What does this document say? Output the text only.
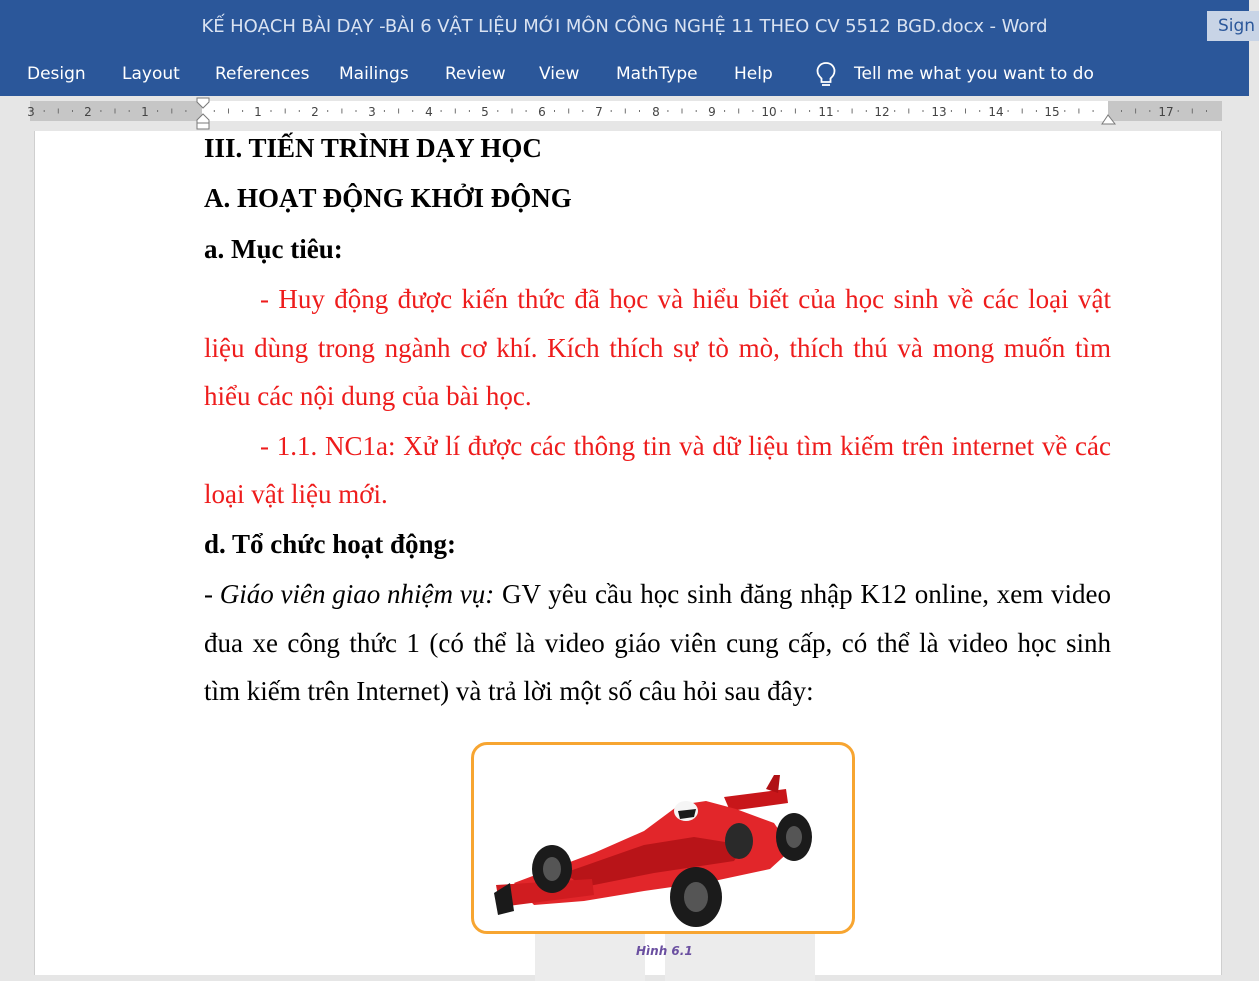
KẾ HOẠCH BÀI DẠY -BÀI 6 VẬT LIỆU MỚI MÔN CÔNG NGHỆ 11 THEO CV 5512 BGD.docx - Word	Sign
Design Layout References Mailings Review View MathType Help	Tell me what you want to do
3	2	1	1	2	3	4	5	6	7	8	9	10	11	12	13	14	15	17
III. TIẾN TRÌNH DẠY HỌC
A. HOẠT ĐỘNG KHỞI ĐỘNG
a. Mục tiêu:
- Huy động được kiến thức đã học và hiểu biết của học sinh về các loại vật
liệu dùng trong ngành cơ khí. Kích thích sự tò mò, thích thú và mong muốn tìm
hiểu các nội dung của bài học.
- 1.1. NC1a: Xử lí được các thông tin và dữ liệu tìm kiếm trên internet về các
loại vật liệu mới.
d. Tổ chức hoạt động:
- Giáo viên giao nhiệm vụ: GV yêu cầu học sinh đăng nhập K12 online, xem video
đua xe công thức 1 (có thể là video giáo viên cung cấp, có thể là video học sinh
tìm kiếm trên Internet) và trả lời một số câu hỏi sau đây:
Hình 6.1
